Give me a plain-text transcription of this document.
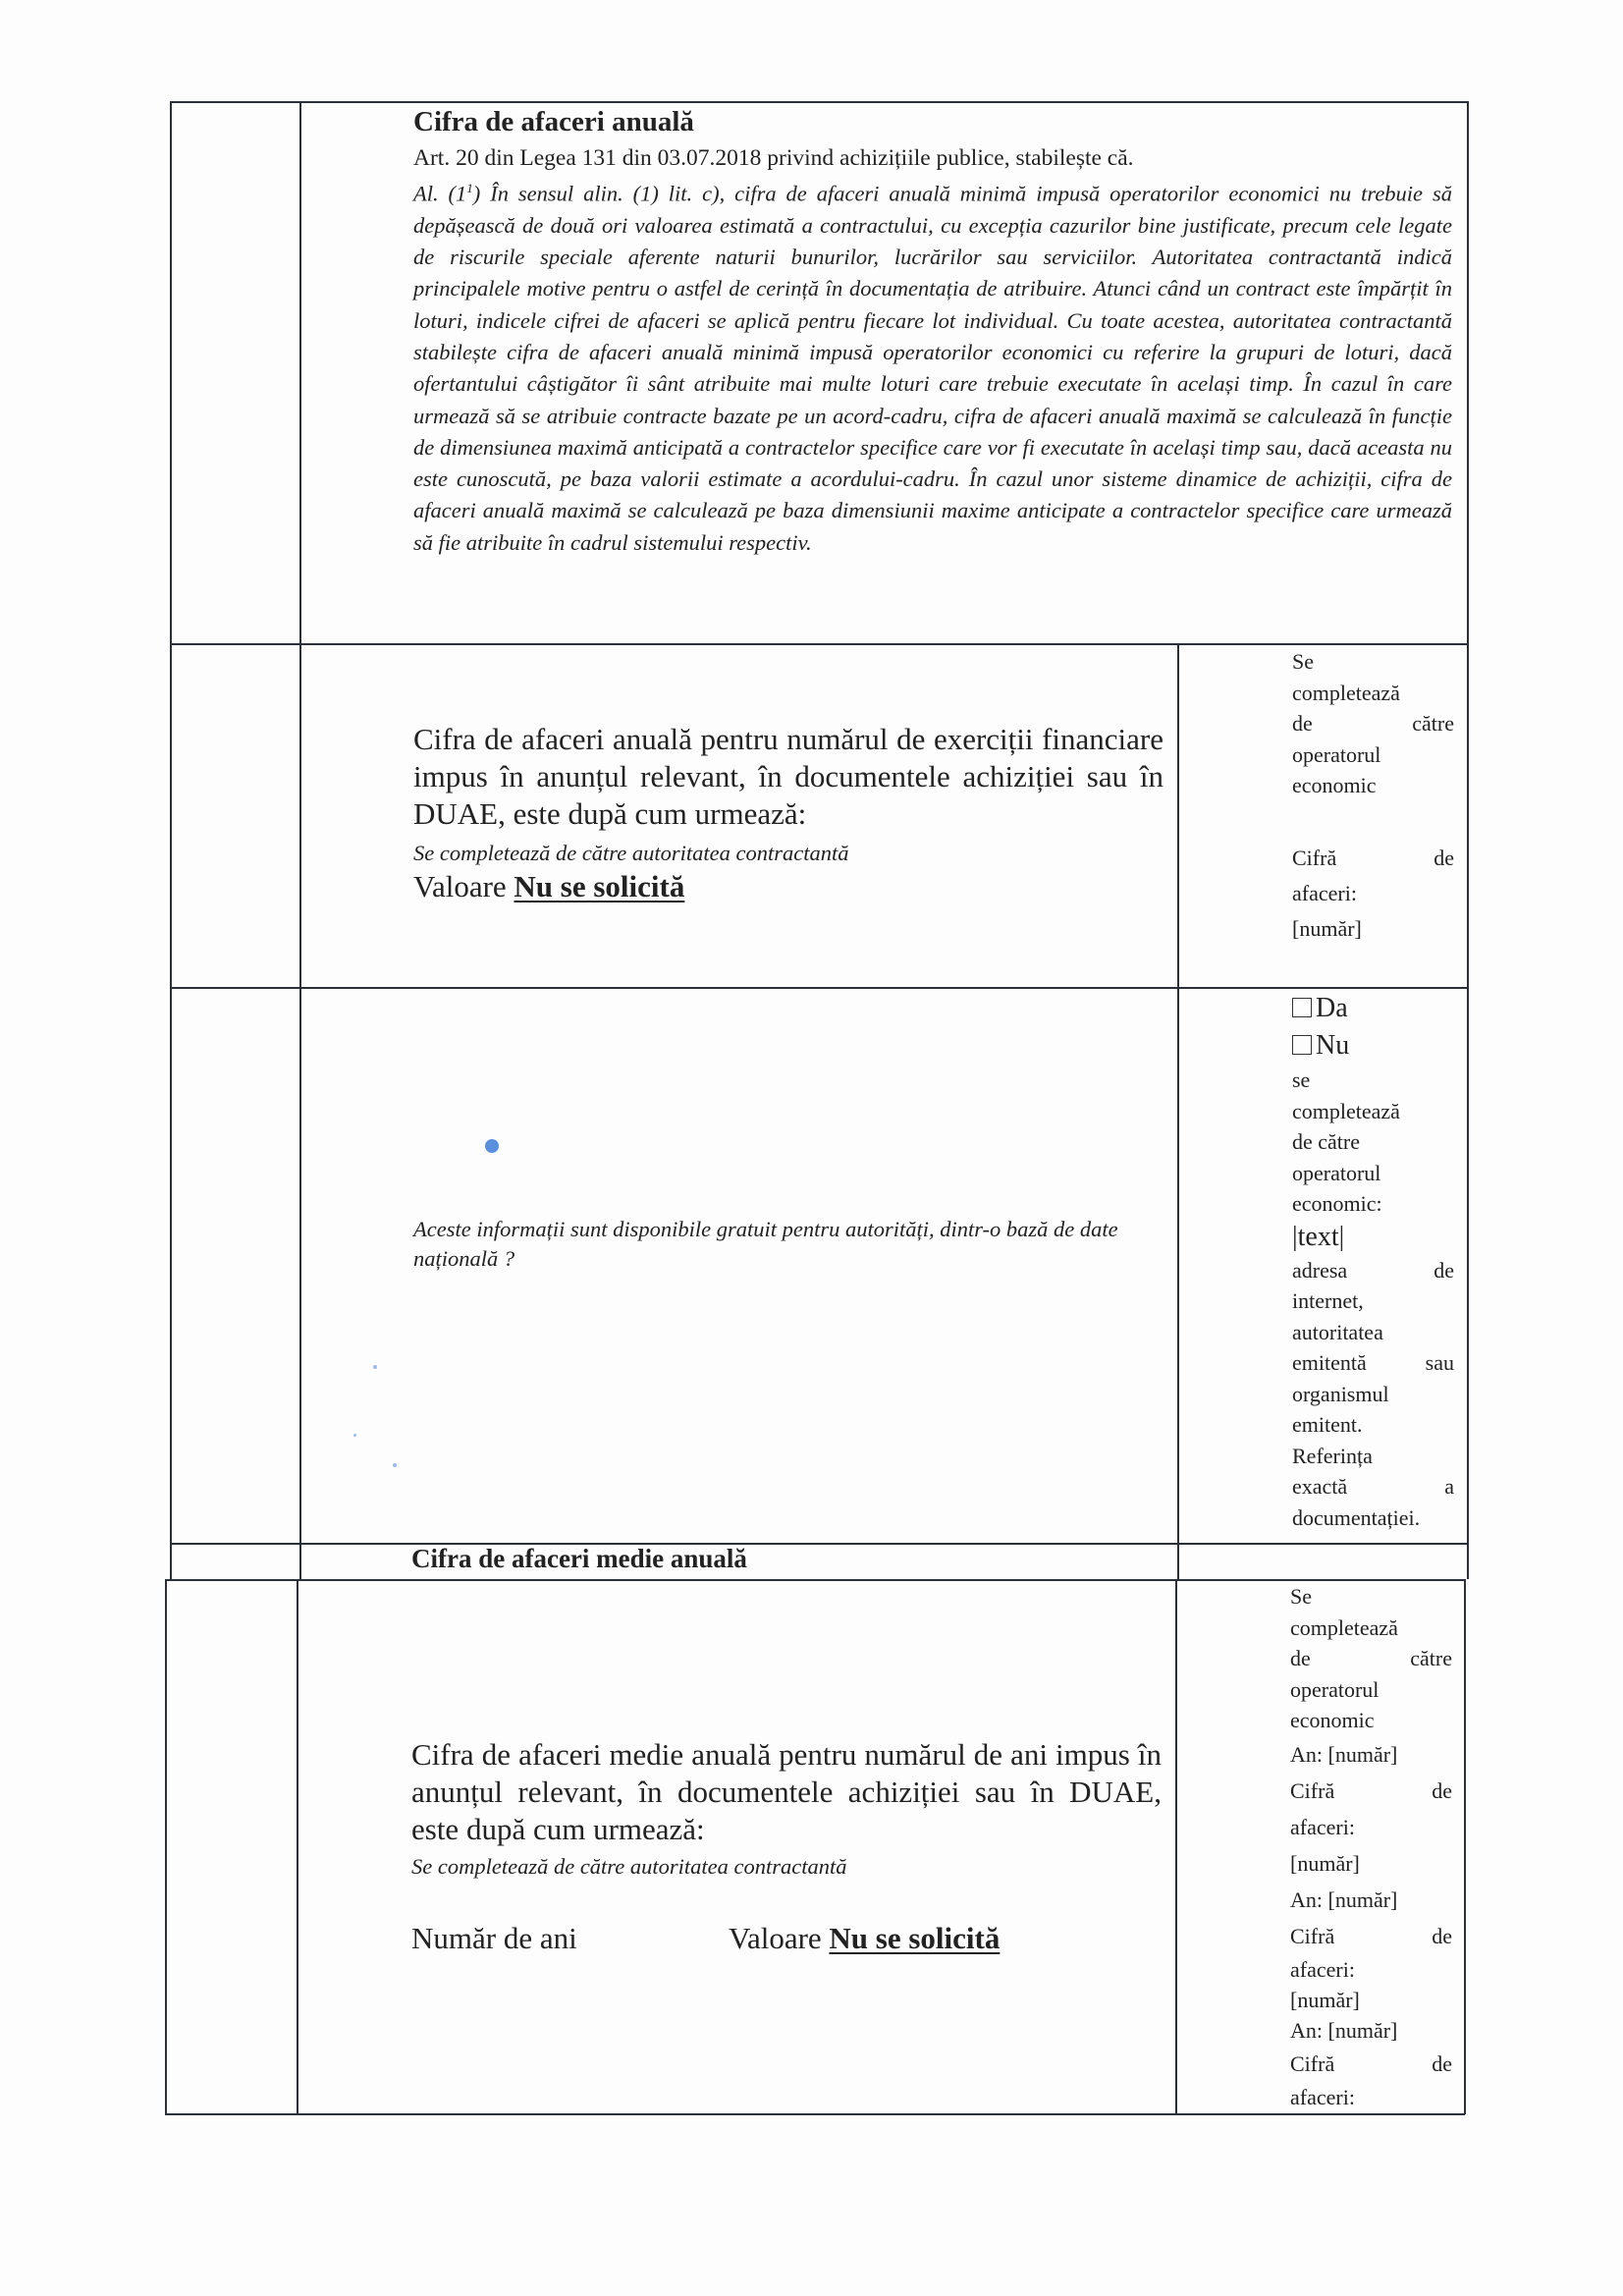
Cifra de afaceri anuală
Art. 20 din Legea 131 din 03.07.2018 privind achizițiile publice, stabilește că.
Al. $(1^1)$ În sensul alin. (1) lit. c), cifra de afaceri anuală minimă impusă operatorilor economici nu trebuie să depășească de două ori valoarea estimată a contractului, cu excepția cazurilor bine justificate, precum cele legate de riscurile speciale aferente naturii bunurilor, lucrărilor sau serviciilor. Autoritatea contractantă indică principalele motive pentru o astfel de cerință în documentația de atribuire. Atunci când un contract este împărțit în loturi, indicele cifrei de afaceri se aplică pentru fiecare lot individual. Cu toate acestea, autoritatea contractantă stabilește cifra de afaceri anuală minimă impusă operatorilor economici cu referire la grupuri de loturi, dacă ofertantului câștigător îi sânt atribuite mai multe loturi care trebuie executate în același timp. În cazul în care urmează să se atribuie contracte bazate pe un acord-cadru, cifra de afaceri anuală maximă se calculează în funcție de dimensiunea maximă anticipată a contractelor specifice care vor fi executate în același timp sau, dacă aceasta nu este cunoscută, pe baza valorii estimate a acordului-cadru. În cazul unor sisteme dinamice de achiziții, cifra de afaceri anuală maximă se calculează pe baza dimensiunii maxime anticipate a contractelor specifice care urmează să fie atribuite în cadrul sistemului respectiv.
Cifra de afaceri anuală pentru numărul de exerciții financiare impus în anunțul relevant, în documentele achiziției sau în DUAE, este după cum urmează:
Se completează de către autoritatea contractantă
Valoare Nu se solicită
Se
completează
de către
operatorul
economic
Cifră de
afaceri:
[număr]
Aceste informații sunt disponibile gratuit pentru autorități, dintr-o bază de date națională ?
Da
Nu
se
completează
de către
operatorul
economic:
|text|
adresa de
internet,
autoritatea
emitentă sau
organismul
emitent.
Referința
exactă a
documentației.
Cifra de afaceri medie anuală
Cifra de afaceri medie anuală pentru numărul de ani impus în anunțul relevant, în documentele achiziției sau în DUAE, este după cum urmează:
Se completează de către autoritatea contractantă
Număr de ani	Valoare Nu se solicită
Se
completează
de către
operatorul
economic
An: [număr]
Cifră de
afaceri:
[număr]
An: [număr]
Cifră de
afaceri:
[număr]
An: [număr]
Cifră de
afaceri:
